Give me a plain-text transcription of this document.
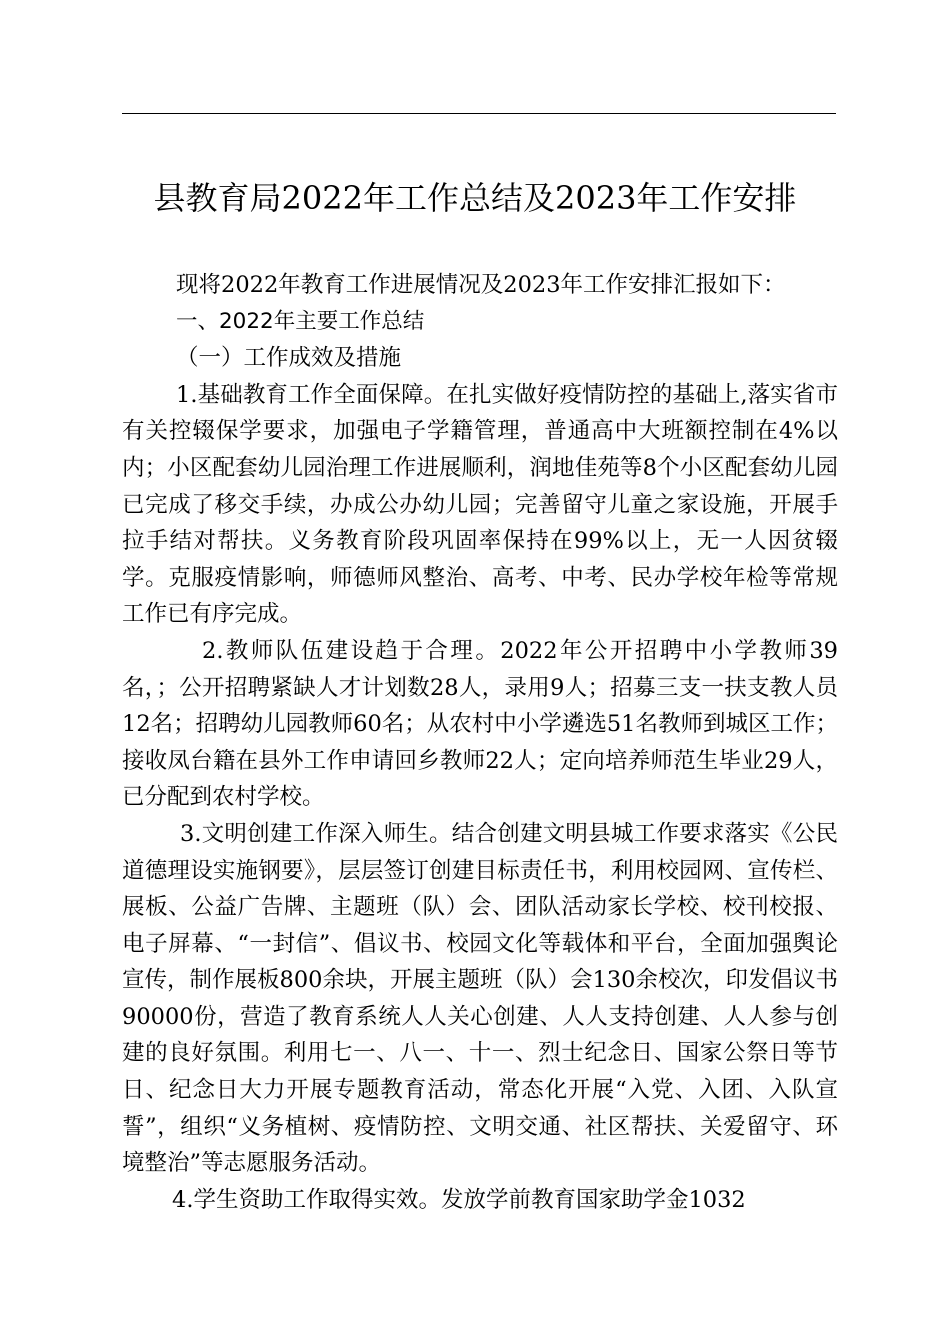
县教育局2022年工作总结及2023年工作安排

现将2022年教育工作进展情况及2023年工作安排汇报如下：

一、2022年主要工作总结

（一）工作成效及措施

1.基础教育工作全面保障。在扎实做好疫情防控的基础上,落实省市有关控辍保学要求，加强电子学籍管理，普通高中大班额控制在4%以内；小区配套幼儿园治理工作进展顺利，润地佳苑等8个小区配套幼儿园已完成了移交手续，办成公办幼儿园；完善留守儿童之家设施，开展手拉手结对帮扶。义务教育阶段巩固率保持在99%以上，无一人因贫辍学。克服疫情影响，师德师风整治、高考、中考、民办学校年检等常规工作已有序完成。

2.教师队伍建设趋于合理。2022年公开招聘中小学教师39名，；公开招聘紧缺人才计划数28人，录用9人；招募三支一扶支教人员12名；招聘幼儿园教师60名；从农村中小学遴选51名教师到城区工作；接收凤台籍在县外工作申请回乡教师22人；定向培养师范生毕业29人，已分配到农村学校。

3.文明创建工作深入师生。结合创建文明县城工作要求落实《公民道德理设实施钢要》，层层签订创建目标责任书，利用校园网、宣传栏、展板、公益广告牌、主题班（队）会、团队活动家长学校、校刊校报、电子屏幕、“一封信”、倡议书、校园文化等载体和平台，全面加强舆论宣传，制作展板800余块，开展主题班（队）会130余校次，印发倡议书90000份，营造了教育系统人人关心创建、人人支持创建、人人参与创建的良好氛围。利用七一、八一、十一、烈士纪念日、国家公祭日等节日、纪念日大力开展专题教育活动，常态化开展“入党、入团、入队宣誓”，组织“义务植树、疫情防控、文明交通、社区帮扶、关爱留守、环境整治”等志愿服务活动。

4.学生资助工作取得实效。发放学前教育国家助学金1032
